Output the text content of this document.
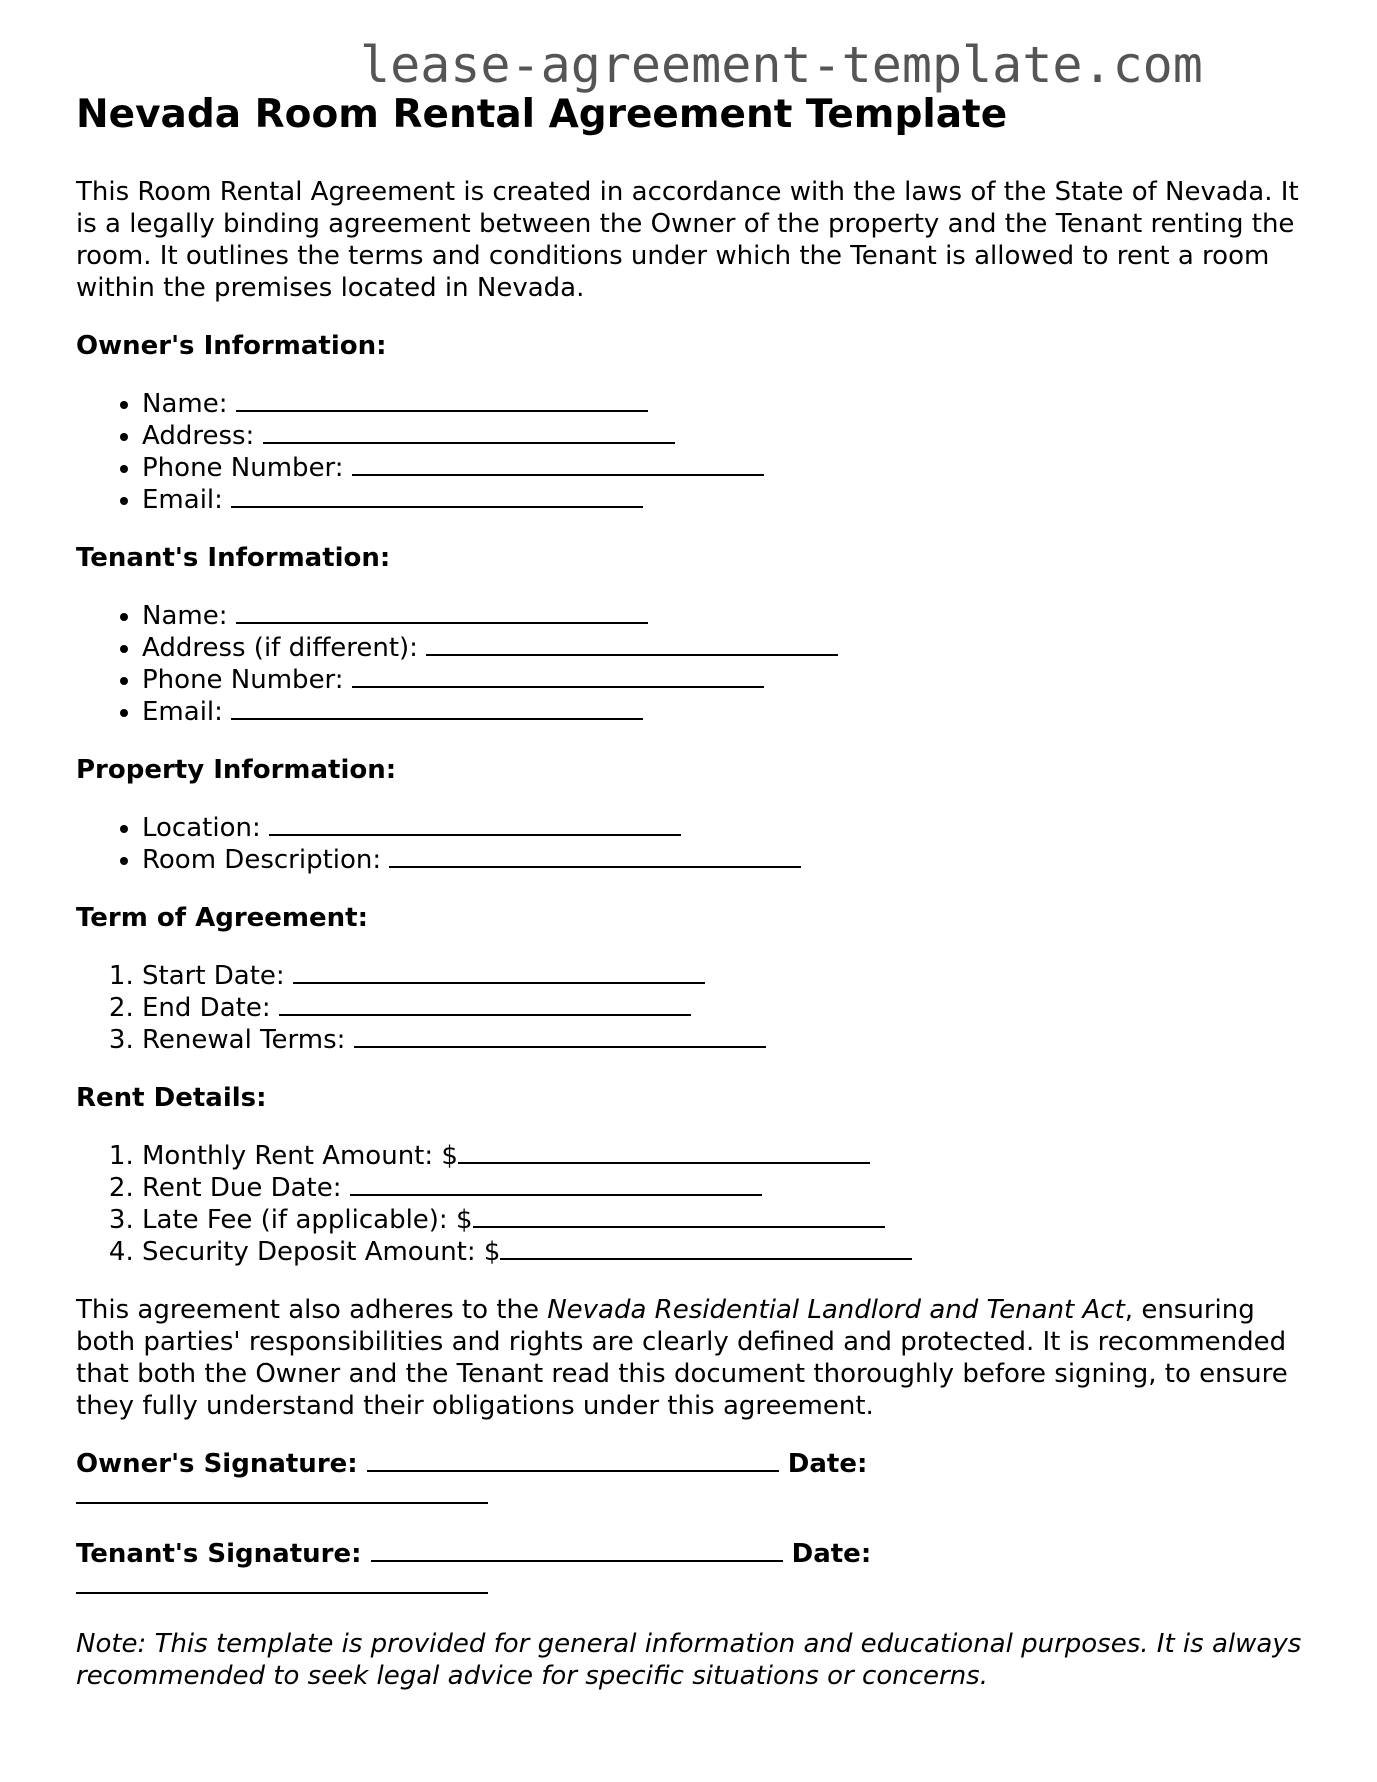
lease-agreement-template.com
Nevada Room Rental Agreement Template

This Room Rental Agreement is created in accordance with the laws of the State of Nevada. It is a legally binding agreement between the Owner of the property and the Tenant renting the room. It outlines the terms and conditions under which the Tenant is allowed to rent a room within the premises located in Nevada.

Owner's Information:

• Name:
• Address:
• Phone Number:
• Email:

Tenant's Information:

• Name:
• Address (if different):
• Phone Number:
• Email:

Property Information:

• Location:
• Room Description:

Term of Agreement:

1. Start Date:
2. End Date:
3. Renewal Terms:

Rent Details:

1. Monthly Rent Amount: $
2. Rent Due Date:
3. Late Fee (if applicable): $
4. Security Deposit Amount: $

This agreement also adheres to the Nevada Residential Landlord and Tenant Act, ensuring both parties' responsibilities and rights are clearly defined and protected. It is recommended that both the Owner and the Tenant read this document thoroughly before signing, to ensure they fully understand their obligations under this agreement.

Owner's Signature:	Date:

Tenant's Signature:	Date:

Note: This template is provided for general information and educational purposes. It is always recommended to seek legal advice for specific situations or concerns.
